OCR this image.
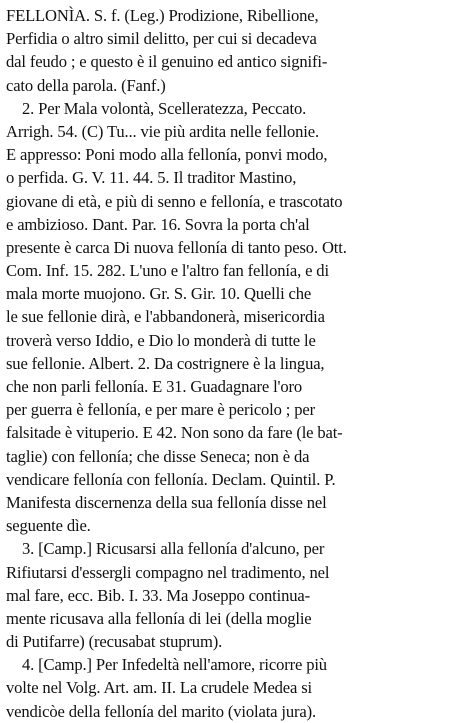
FELLONÌA. S. f. (Leg.) Prodizione, Ribellione,
Perfidia o altro simil delitto, per cui si decadeva
dal feudo ; e questo è il genuino ed antico signifi-
cato della parola. (Fanf.)
2. Per Mala volontà, Scelleratezza, Peccato.
Arrigh. 54. (C) Tu... vie più ardita nelle fellonie.
E appresso: Poni modo alla fellonía, ponvi modo,
o perfida. G. V. 11. 44. 5. Il traditor Mastino,
giovane di età, e più di senno e fellonía, e trascotato
e ambizioso. Dant. Par. 16. Sovra la porta ch'al
presente è carca Di nuova fellonía di tanto peso. Ott.
Com. Inf. 15. 282. L'uno e l'altro fan fellonía, e di
mala morte muojono. Gr. S. Gir. 10. Quelli che
le sue fellonie dirà, e l'abbandonerà, misericordia
troverà verso Iddio, e Dio lo monderà di tutte le
sue fellonie. Albert. 2. Da costrignere è la lingua,
che non parli fellonía. E 31. Guadagnare l'oro
per guerra è fellonía, e per mare è pericolo ; per
falsitade è vituperio. E 42. Non sono da fare (le bat-
taglie) con fellonía; che disse Seneca; non è da
vendicare fellonía con fellonía. Declam. Quintil. P.
Manifesta discernenza della sua fellonía disse nel
seguente dìe.
3. [Camp.] Ricusarsi alla fellonía d'alcuno, per
Rifiutarsi d'essergli compagno nel tradimento, nel
mal fare, ecc. Bib. I. 33. Ma Joseppo continua-
mente ricusava alla fellonía di lei (della moglie
di Putifarre) (recusabat stuprum).
4. [Camp.] Per Infedeltà nell'amore, ricorre più
volte nel Volg. Art. am. II. La crudele Medea si
vendicòe della fellonía del marito (violata jura).
